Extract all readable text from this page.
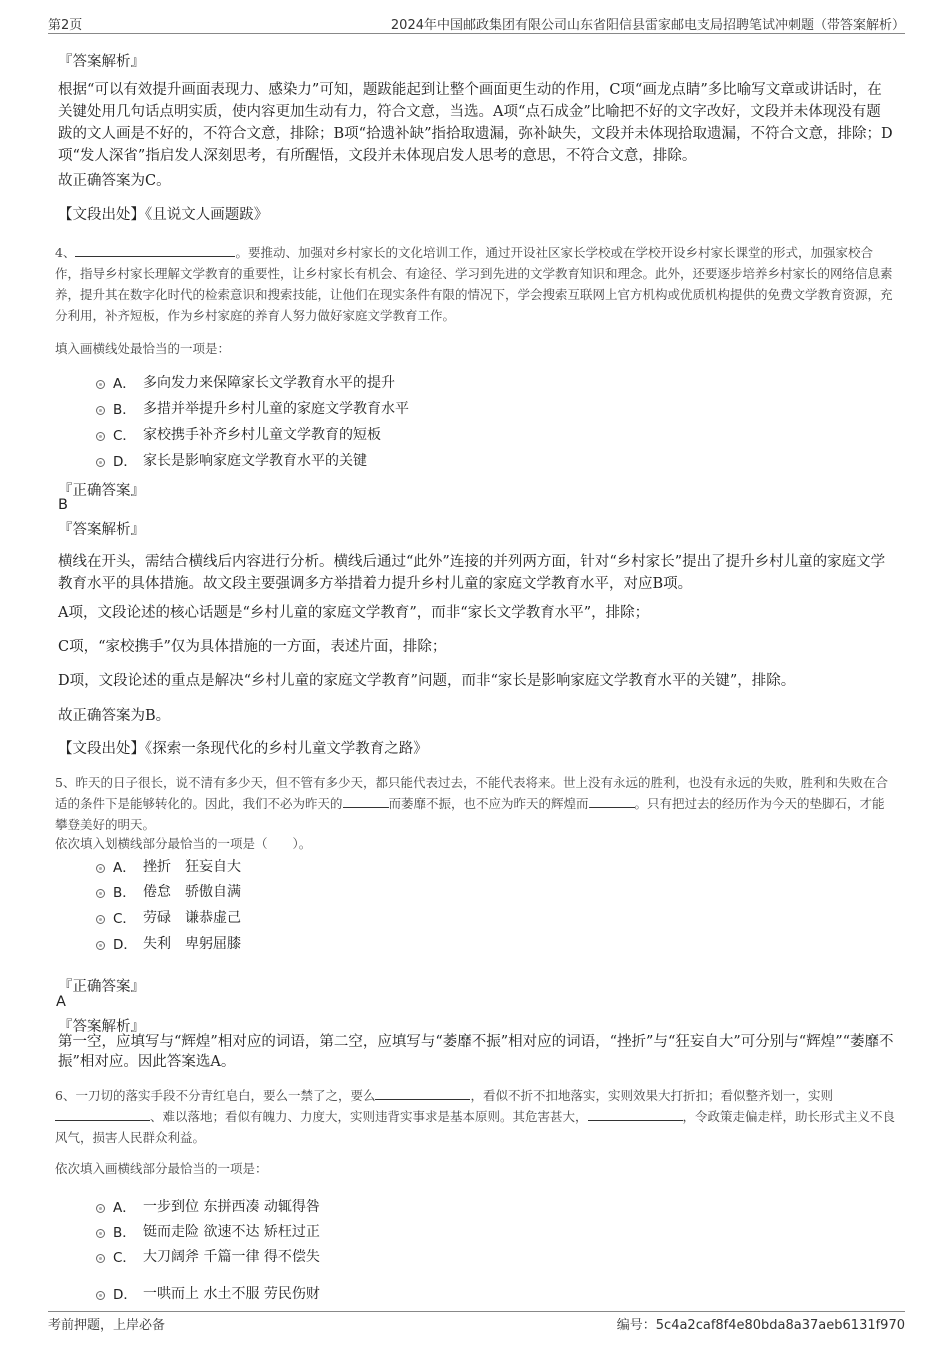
第2页	2024年中国邮政集团有限公司山东省阳信县雷家邮电支局招聘笔试冲刺题（带答案解析）
『答案解析』
根据“可以有效提升画面表现力、感染力”可知，题跋能起到让整个画面更生动的作用，C项“画龙点睛”多比喻写文章或讲话时，在关键处用几句话点明实质，使内容更加生动有力，符合文意，当选。A项“点石成金”比喻把不好的文字改好，文段并未体现没有题跋的文人画是不好的，不符合文意，排除；B项“拾遗补缺”指拾取遗漏，弥补缺失，文段并未体现拾取遗漏，不符合文意，排除；D项“发人深省”指启发人深刻思考，有所醒悟，文段并未体现启发人思考的意思，不符合文意，排除。
故正确答案为C。
【文段出处】《且说文人画题跋》
4、	。要推动、加强对乡村家长的文化培训工作，通过开设社区家长学校或在学校开设乡村家长课堂的形式，加强家校合作，指导乡村家长理解文学教育的重要性，让乡村家长有机会、有途径、学习到先进的文学教育知识和理念。此外，还要逐步培养乡村家长的网络信息素养，提升其在数字化时代的检索意识和搜索技能，让他们在现实条件有限的情况下，学会搜索互联网上官方机构或优质机构提供的免费文学教育资源，充分利用，补齐短板，作为乡村家庭的养育人努力做好家庭文学教育工作。
填入画横线处最恰当的一项是：
A． 多向发力来保障家长文学教育水平的提升
B． 多措并举提升乡村儿童的家庭文学教育水平
C． 家校携手补齐乡村儿童文学教育的短板
D． 家长是影响家庭文学教育水平的关键
『正确答案』
B
『答案解析』
横线在开头，需结合横线后内容进行分析。横线后通过“此外”连接的并列两方面，针对“乡村家长”提出了提升乡村儿童的家庭文学教育水平的具体措施。故文段主要强调多方举措着力提升乡村儿童的家庭文学教育水平，对应B项。
A项，文段论述的核心话题是“乡村儿童的家庭文学教育”，而非“家长文学教育水平”，排除；
C项，“家校携手”仅为具体措施的一方面，表述片面，排除；
D项，文段论述的重点是解决“乡村儿童的家庭文学教育”问题，而非“家长是影响家庭文学教育水平的关键”，排除。
故正确答案为B。
【文段出处】《探索一条现代化的乡村儿童文学教育之路》
5、昨天的日子很长，说不清有多少天，但不管有多少天，都只能代表过去，不能代表将来。世上没有永远的胜利，也没有永远的失败，胜利和失败在合适的条件下是能够转化的。因此，我们不必为昨天的	而萎靡不振，也不应为昨天的辉煌而	。只有把过去的经历作为今天的垫脚石，才能攀登美好的明天。
依次填入划横线部分最恰当的一项是（　　）。
A． 挫折　狂妄自大
B． 倦怠　骄傲自满
C． 劳碌　谦恭虚己
D． 失利　卑躬屈膝
『正确答案』
A
『答案解析』
第一空，应填写与“辉煌”相对应的词语，第二空，应填写与“萎靡不振”相对应的词语，“挫折”与“狂妄自大”可分别与“辉煌”“萎靡不振”相对应。因此答案选A。
6、一刀切的落实手段不分青红皂白，要么一禁了之，要么	，看似不折不扣地落实，实则效果大打折扣；看似整齐划一，实则、难以落地；看似有魄力、力度大，实则违背实事求是基本原则。其危害甚大，	，令政策走偏走样，助长形式主义不良风气，损害人民群众利益。
依次填入画横线部分最恰当的一项是：
A． 一步到位 东拼西凑 动辄得咎
B． 铤而走险 欲速不达 矫枉过正
C． 大刀阔斧 千篇一律 得不偿失
D． 一哄而上 水土不服 劳民伤财
考前押题，上岸必备	编号：5c4a2caf8f4e80bda8a37aeb6131f970
